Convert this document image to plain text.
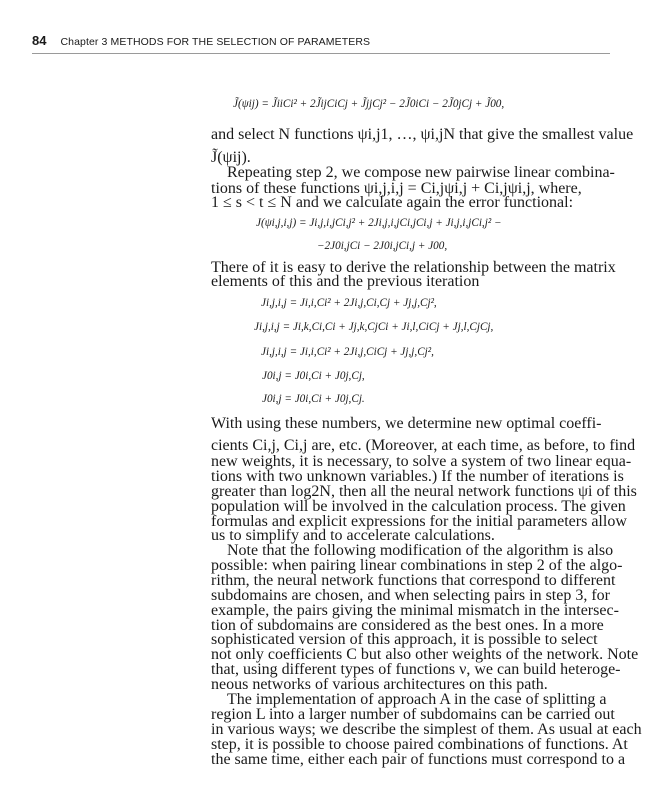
84 Chapter 3 METHODS FOR THE SELECTION OF PARAMETERS
J̃(ψij) = J̃iiCi² + 2J̃ijCiCj + J̃jjCj² − 2J̃0iCi − 2J̃0jCj + J̃00,
and select N functions ψi,j1, …, ψi,jN that give the smallest value
J̃(ψij).
Repeating step 2, we compose new pairwise linear combina-
tions of these functions ψi,j,i,j = Ci,jψi,j + Ci,jψi,j, where,
1 ≤ s < t ≤ N and we calculate again the error functional:
J(ψi,j,i,j) = Ji,j,i,jCi,j² + 2Ji,j,i,jCi,jCi,j + Ji,j,i,jCi,j² −
−2J0i,jCi − 2J0i,jCi,j + J00,
There of it is easy to derive the relationship between the matrix
elements of this and the previous iteration
Ji,j,i,j = Ji,i,Ci² + 2Ji,j,Ci,Cj + Jj,j,Cj²,
Ji,j,i,j = Ji,k,Ci,Ci + Jj,k,CjCi + Ji,l,CiCj + Jj,l,CjCj,
Ji,j,i,j = Ji,i,Ci² + 2Ji,j,CiCj + Jj,j,Cj²,
J0i,j = J0i,Ci + J0j,Cj,
J0i,j = J0i,Ci + J0j,Cj.
With using these numbers, we determine new optimal coeffi-
cients Ci,j, Ci,j are, etc. (Moreover, at each time, as before, to find
new weights, it is necessary, to solve a system of two linear equa-
tions with two unknown variables.) If the number of iterations is
greater than log2N, then all the neural network functions ψi of this
population will be involved in the calculation process. The given
formulas and explicit expressions for the initial parameters allow
us to simplify and to accelerate calculations.
Note that the following modification of the algorithm is also
possible: when pairing linear combinations in step 2 of the algo-
rithm, the neural network functions that correspond to different
subdomains are chosen, and when selecting pairs in step 3, for
example, the pairs giving the minimal mismatch in the intersec-
tion of subdomains are considered as the best ones. In a more
sophisticated version of this approach, it is possible to select
not only coefficients C but also other weights of the network. Note
that, using different types of functions ν, we can build heteroge-
neous networks of various architectures on this path.
The implementation of approach A in the case of splitting a
region L into a larger number of subdomains can be carried out
in various ways; we describe the simplest of them. As usual at each
step, it is possible to choose paired combinations of functions. At
the same time, either each pair of functions must correspond to a
